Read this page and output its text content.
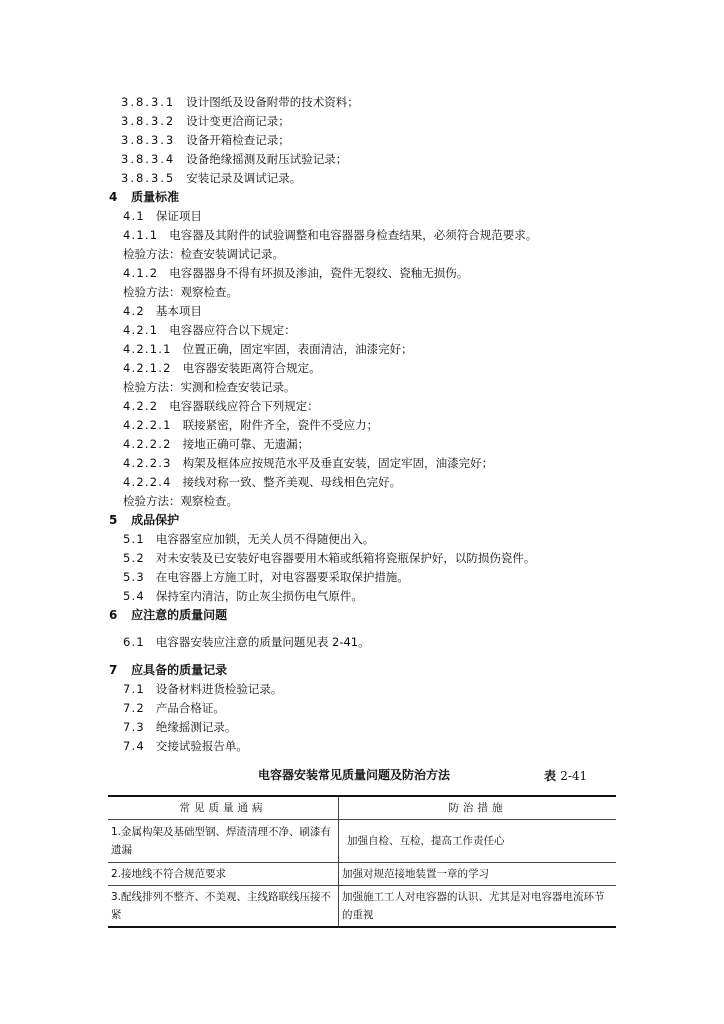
3.8.3.1 设计图纸及设备附带的技术资料；
3.8.3.2 设计变更洽商记录；
3.8.3.3 设备开箱检查记录；
3.8.3.4 设备绝缘摇测及耐压试验记录；
3.8.3.5 安装记录及调试记录。
4 质量标准
4.1 保证项目
4.1.1 电容器及其附件的试验调整和电容器器身检查结果，必须符合规范要求。
检验方法：检查安装调试记录。
4.1.2 电容器器身不得有坏损及渗油，瓷件无裂纹、瓷釉无损伤。
检验方法：观察检查。
4.2 基本项目
4.2.1 电容器应符合以下规定：
4.2.1.1 位置正确，固定牢固，表面清洁，油漆完好；
4.2.1.2 电容器安装距离符合规定。
检验方法：实测和检查安装记录。
4.2.2 电容器联线应符合下列规定：
4.2.2.1 联接紧密，附件齐全，瓷件不受应力；
4.2.2.2 接地正确可靠、无遗漏；
4.2.2.3 构架及框体应按规范水平及垂直安装，固定牢固，油漆完好；
4.2.2.4 接线对称一致、整齐美观、母线相色完好。
检验方法：观察检查。
5 成品保护
5.1 电容器室应加锁，无关人员不得随便出入。
5.2 对未安装及已安装好电容器要用木箱或纸箱将瓷瓶保护好，以防损伤瓷件。
5.3 在电容器上方施工时，对电容器要采取保护措施。
5.4 保持室内清洁，防止灰尘损伤电气原件。
6 应注意的质量问题
6.1 电容器安装应注意的质量问题见表 2-41。
7 应具备的质量记录
7.1 设备材料进货检验记录。
7.2 产品合格证。
7.3 绝缘摇测记录。
7.4 交接试验报告单。
电容器安装常见质量问题及防治方法	表 2-41
常见质量通病	防治措施
1.金属构架及基础型钢、焊渣清理不净、刷漆有遗漏	加强自检、互检，提高工作责任心
2.接地线不符合规范要求	加强对规范接地装置一章的学习
3.配线排列不整齐、不美观、主线路联线压接不紧	加强施工工人对电容器的认识、尤其是对电容器电流环节的重视
